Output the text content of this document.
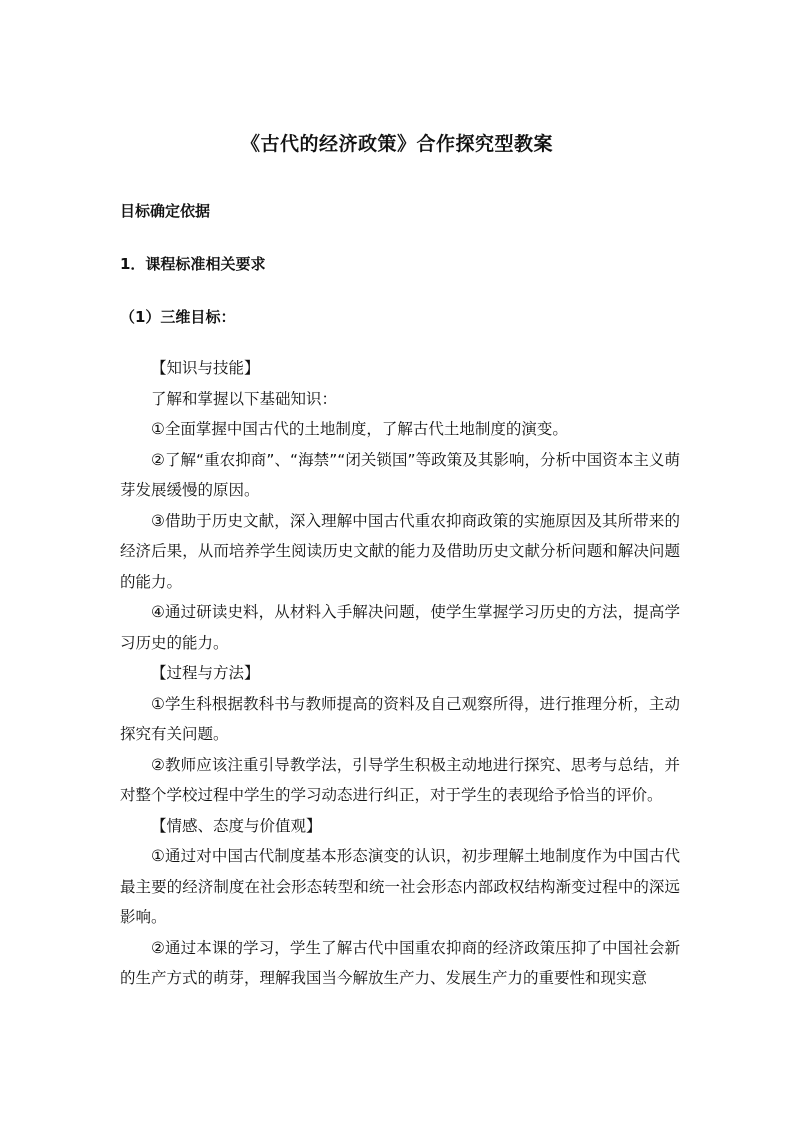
《古代的经济政策》合作探究型教案
目标确定依据
1．课程标准相关要求
（1）三维目标：

【知识与技能】

了解和掌握以下基础知识：

①全面掌握中国古代的土地制度，了解古代土地制度的演变。

②了解“重农抑商”、“海禁”“闭关锁国”等政策及其影响，分析中国资本主义萌芽发展缓慢的原因。

③借助于历史文献，深入理解中国古代重农抑商政策的实施原因及其所带来的经济后果，从而培养学生阅读历史文献的能力及借助历史文献分析问题和解决问题的能力。

④通过研读史料，从材料入手解决问题，使学生掌握学习历史的方法，提高学习历史的能力。

【过程与方法】

①学生科根据教科书与教师提高的资料及自己观察所得，进行推理分析，主动探究有关问题。

②教师应该注重引导教学法，引导学生积极主动地进行探究、思考与总结，并对整个学校过程中学生的学习动态进行纠正，对于学生的表现给予恰当的评价。

【情感、态度与价值观】

①通过对中国古代制度基本形态演变的认识，初步理解土地制度作为中国古代最主要的经济制度在社会形态转型和统一社会形态内部政权结构渐变过程中的深远影响。

②通过本课的学习，学生了解古代中国重农抑商的经济政策压抑了中国社会新的生产方式的萌芽，理解我国当今解放生产力、发展生产力的重要性和现实意
